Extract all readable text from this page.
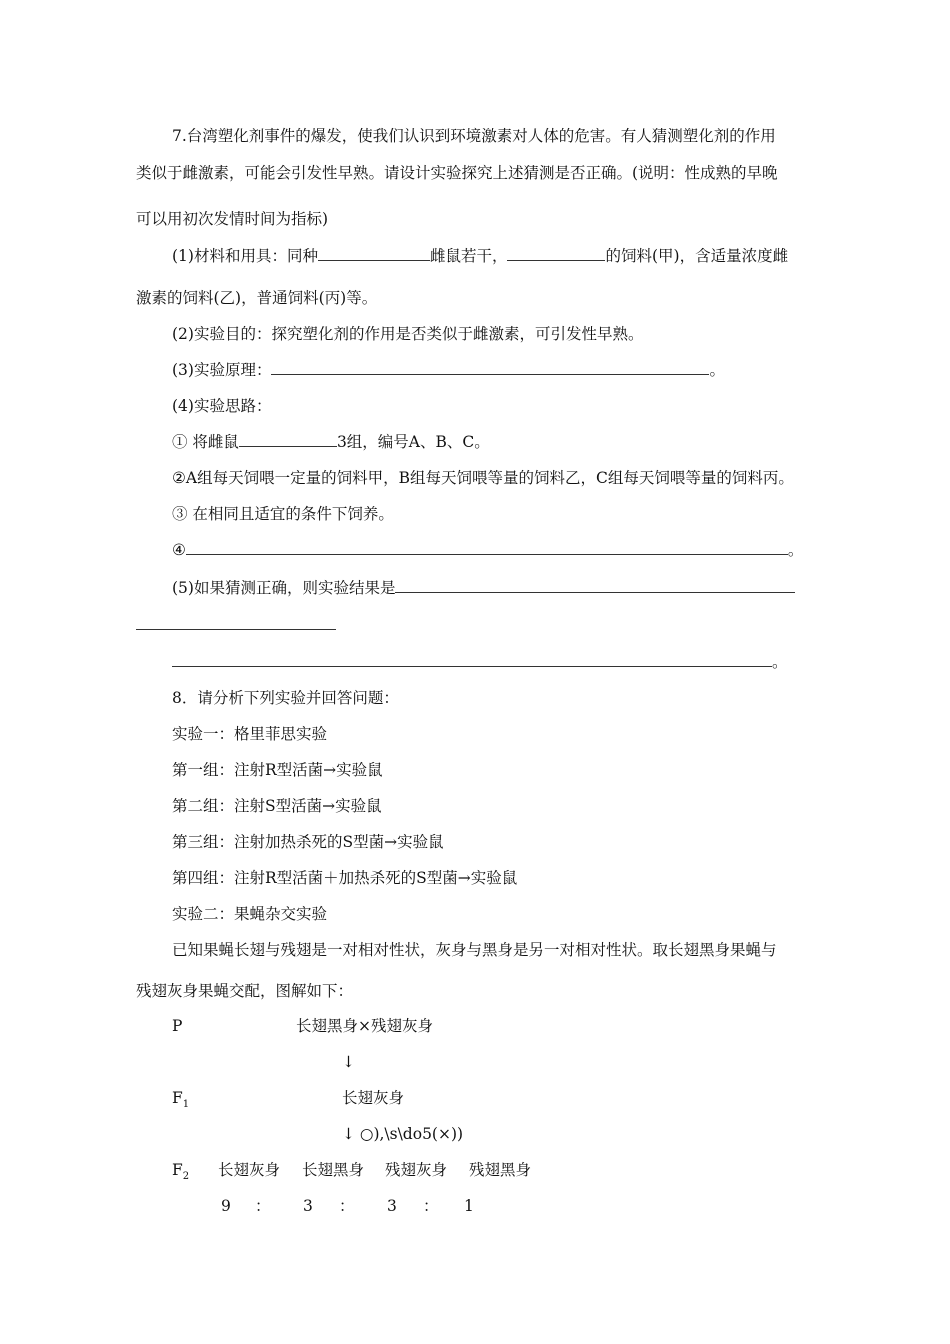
7.台湾塑化剂事件的爆发，使我们认识到环境激素对人体的危害。有人猜测塑化剂的作用
类似于雌激素，可能会引发性早熟。请设计实验探究上述猜测是否正确。(说明：性成熟的早晚
可以用初次发情时间为指标)
(1)材料和用具：同种	雌鼠若干，	的饲料(甲)，含适量浓度雌
激素的饲料(乙)，普通饲料(丙)等。
(2)实验目的：探究塑化剂的作用是否类似于雌激素，可引发性早熟。
(3)实验原理：	。
(4)实验思路：
① 将雌鼠	3组，编号A、B、C。
②A组每天饲喂一定量的饲料甲，B组每天饲喂等量的饲料乙，C组每天饲喂等量的饲料丙。
③ 在相同且适宜的条件下饲养。
④	。
(5)如果猜测正确，则实验结果是
。
8．请分析下列实验并回答问题：
实验一：格里菲思实验
第一组：注射R型活菌→实验鼠
第二组：注射S型活菌→实验鼠
第三组：注射加热杀死的S型菌→实验鼠
第四组：注射R型活菌＋加热杀死的S型菌→实验鼠
实验二：果蝇杂交实验
已知果蝇长翅与残翅是一对相对性状，灰身与黑身是另一对相对性状。取长翅黑身果蝇与
残翅灰身果蝇交配，图解如下：
P	长翅黑身×残翅灰身
↓
$F_1$	长翅灰身
↓ ○),\s\do5(×))
$F_2$ 长翅灰身 长翅黑身 残翅灰身 残翅黑身
9 ： 3 ： 3 ： 1
